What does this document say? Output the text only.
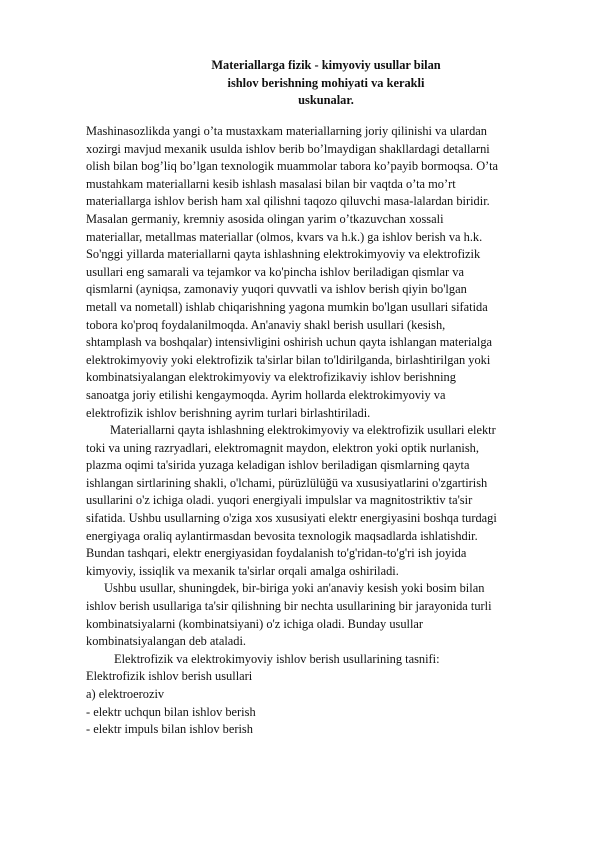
Materiallarga fizik - kimyoviy usullar bilan
ishlov berishning mohiyati va kerakli
uskunalar.
Mashinasozlikda yangi o’ta mustaxkam materiallarning joriy qilinishi va ulardan
xozirgi mavjud mexanik usulda ishlov berib bo’lmaydigan shakllardagi detallarni
olish bilan bog’liq bo’lgan texnologik muammolar tabora ko’payib bormoqsa. O’ta
mustahkam materiallarni kesib ishlash masalasi bilan bir vaqtda o’ta mo’rt
materiallarga ishlov berish ham xal qilishni taqozo qiluvchi masa-lalardan biridir.
Masalan germaniy, kremniy asosida olingan yarim o’tkazuvchan xossali
materiallar, metallmas materiallar (olmos, kvars va h.k.) ga ishlov berish va h.k.
So'nggi yillarda materiallarni qayta ishlashning elektrokimyoviy va elektrofizik
usullari eng samarali va tejamkor va ko'pincha ishlov beriladigan qismlar va
qismlarni (ayniqsa, zamonaviy yuqori quvvatli va ishlov berish qiyin bo'lgan
metall va nometall) ishlab chiqarishning yagona mumkin bo'lgan usullari sifatida
tobora ko'proq foydalanilmoqda. An'anaviy shakl berish usullari (kesish,
shtamplash va boshqalar) intensivligini oshirish uchun qayta ishlangan materialga
elektrokimyoviy yoki elektrofizik ta'sirlar bilan to'ldirilganda, birlashtirilgan yoki
kombinatsiyalangan elektrokimyoviy va elektrofizikaviy ishlov berishning
sanoatga joriy etilishi kengaymoqda. Ayrim hollarda elektrokimyoviy va
elektrofizik ishlov berishning ayrim turlari birlashtiriladi.
Materiallarni qayta ishlashning elektrokimyoviy va elektrofizik usullari elektr
toki va uning razryadlari, elektromagnit maydon, elektron yoki optik nurlanish,
plazma oqimi ta'sirida yuzaga keladigan ishlov beriladigan qismlarning qayta
ishlangan sirtlarining shakli, o'lchami, pürüzlülüğü va xususiyatlarini o'zgartirish
usullarini o'z ichiga oladi. yuqori energiyali impulslar va magnitostriktiv ta'sir
sifatida. Ushbu usullarning o'ziga xos xususiyati elektr energiyasini boshqa turdagi
energiyaga oraliq aylantirmasdan bevosita texnologik maqsadlarda ishlatishdir.
Bundan tashqari, elektr energiyasidan foydalanish to'g'ridan-to'g'ri ish joyida
kimyoviy, issiqlik va mexanik ta'sirlar orqali amalga oshiriladi.
Ushbu usullar, shuningdek, bir-biriga yoki an'anaviy kesish yoki bosim bilan
ishlov berish usullariga ta'sir qilishning bir nechta usullarining bir jarayonida turli
kombinatsiyalarni (kombinatsiyani) o'z ichiga oladi. Bunday usullar
kombinatsiyalangan deb ataladi.
Elektrofizik va elektrokimyoviy ishlov berish usullarining tasnifi:
Elektrofizik ishlov berish usullari
a) elektroeroziv
- elektr uchqun bilan ishlov berish
- elektr impuls bilan ishlov berish
